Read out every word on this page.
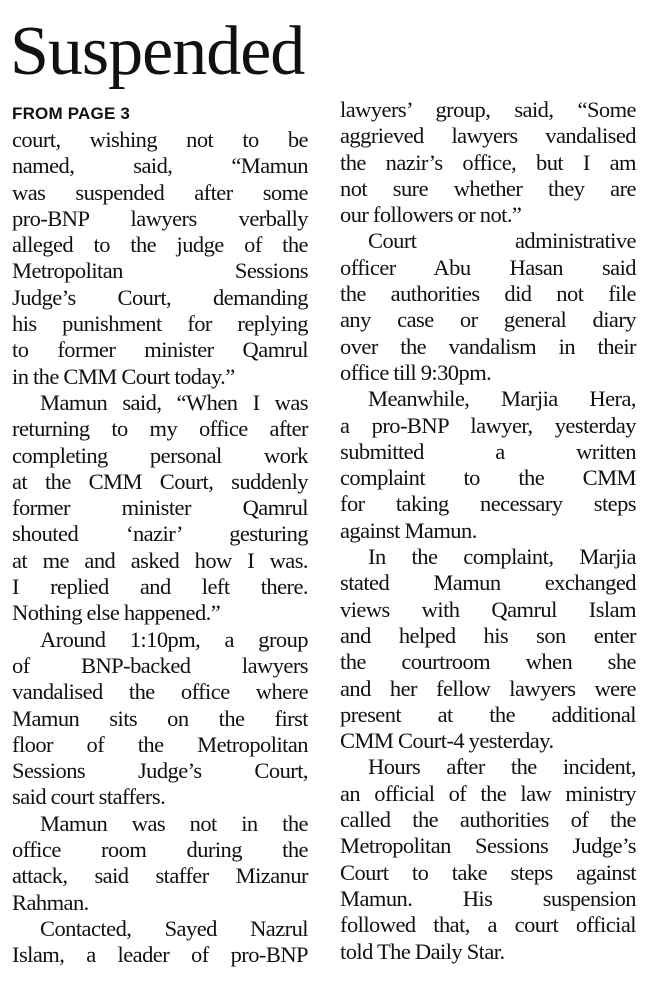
Suspended
FROM PAGE 3

court, wishing not to be
named, said, “Mamun
was suspended after some
pro-BNP lawyers verbally
alleged to the judge of the
Metropolitan Sessions
Judge’s Court, demanding
his punishment for replying
to former minister Qamrul
in the CMM Court today.”

Mamun said, “When I was
returning to my office after
completing personal work
at the CMM Court, suddenly
former minister Qamrul
shouted ‘nazir’ gesturing
at me and asked how I was.
I replied and left there.
Nothing else happened.”

Around 1:10pm, a group
of BNP-backed lawyers
vandalised the office where
Mamun sits on the first
floor of the Metropolitan
Sessions Judge’s Court,
said court staffers.

Mamun was not in the
office room during the
attack, said staffer Mizanur
Rahman.

Contacted, Sayed Nazrul
Islam, a leader of pro-BNP

lawyers’ group, said, “Some
aggrieved lawyers vandalised
the nazir’s office, but I am
not sure whether they are
our followers or not.”

Court administrative
officer Abu Hasan said
the authorities did not file
any case or general diary
over the vandalism in their
office till 9:30pm.

Meanwhile, Marjia Hera,
a pro-BNP lawyer, yesterday
submitted a written
complaint to the CMM
for taking necessary steps
against Mamun.

In the complaint, Marjia
stated Mamun exchanged
views with Qamrul Islam
and helped his son enter
the courtroom when she
and her fellow lawyers were
present at the additional
CMM Court-4 yesterday.

Hours after the incident,
an official of the law ministry
called the authorities of the
Metropolitan Sessions Judge’s
Court to take steps against
Mamun. His suspension
followed that, a court official
told The Daily Star.
